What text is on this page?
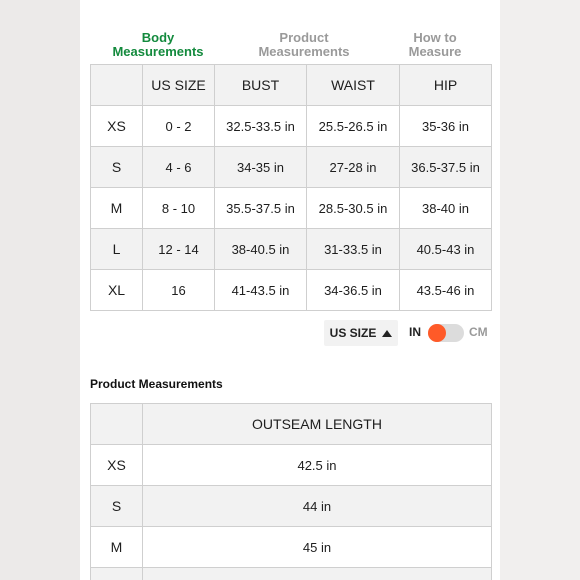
Body
Measurements
Product
Measurements
How to
Measure
	US SIZE	BUST	WAIST	HIP
XS	0 - 2	32.5-33.5 in	25.5-26.5 in	35-36 in
S	4 - 6	34-35 in	27-28 in	36.5-37.5 in
M	8 - 10	35.5-37.5 in	28.5-30.5 in	38-40 in
L	12 - 14	38-40.5 in	31-33.5 in	40.5-43 in
XL	16	41-43.5 in	34-36.5 in	43.5-46 in
US SIZE	IN	CM
Product Measurements
	OUTSEAM LENGTH
XS	42.5 in
S	44 in
M	45 in
